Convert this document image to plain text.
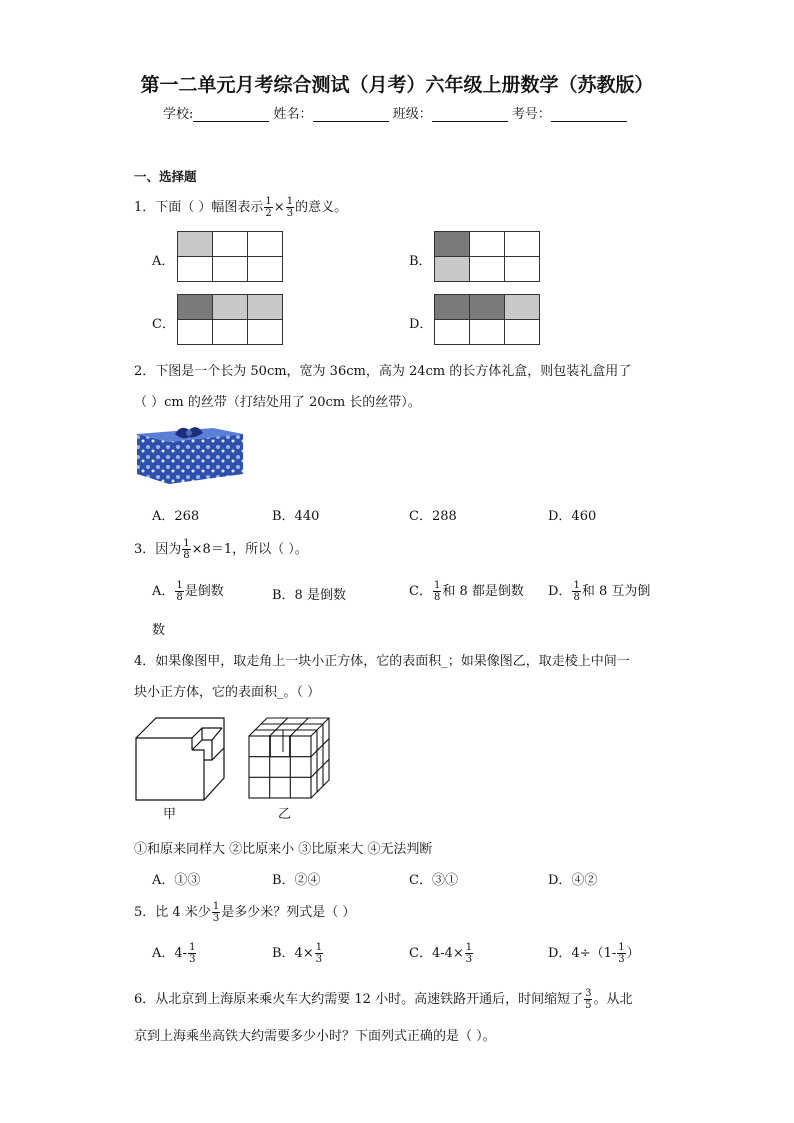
第一二单元月考综合测试（月考）六年级上册数学（苏教版）
学校:	姓名：	班级：	考号：
一、选择题
1．下面（ ）幅图表示 $\frac{1}{2} \times \frac{1}{3}$ 的意义。
A．

			B．

C．

			D．

2．下图是一个长为 50cm，宽为 36cm，高为 24cm 的长方体礼盒，则包装礼盒用了
（ ）cm 的丝带（打结处用了 20cm 长的丝带）。
A．268	B．440	C．288	D．460
3．因为 $\frac{1}{8} \times 8=1$，所以（ ）。
A． $\frac{1}{8}$ 是倒数	B．8 是倒数	C． $\frac{1}{8}$ 和 8 都是倒数 D． $\frac{1}{8}$ 和 8 互为倒
数
4．如果像图甲，取走角上一块小正方体，它的表面积_；如果像图乙，取走棱上中间一
块小正方体，它的表面积_。（ ）
甲	乙
①和原来同样大 ②比原来小 ③比原来大 ④无法判断
A．①③	B．②④	C．③①	D．④②
5．比 4 米少 $\frac{1}{3}$ 是多少米？列式是（ ）
A．$4- \frac{1}{3}$	B．$4\times \frac{1}{3}$	C．$4-4\times \frac{1}{3}$	D．$4\div(1- \frac{1}{3}$ ）
6．从北京到上海原来乘火车大约需要 12 小时。高速铁路开通后，时间缩短了 $\frac{3}{5}$ 。从北
京到上海乘坐高铁大约需要多少小时？下面列式正确的是（ ）。
